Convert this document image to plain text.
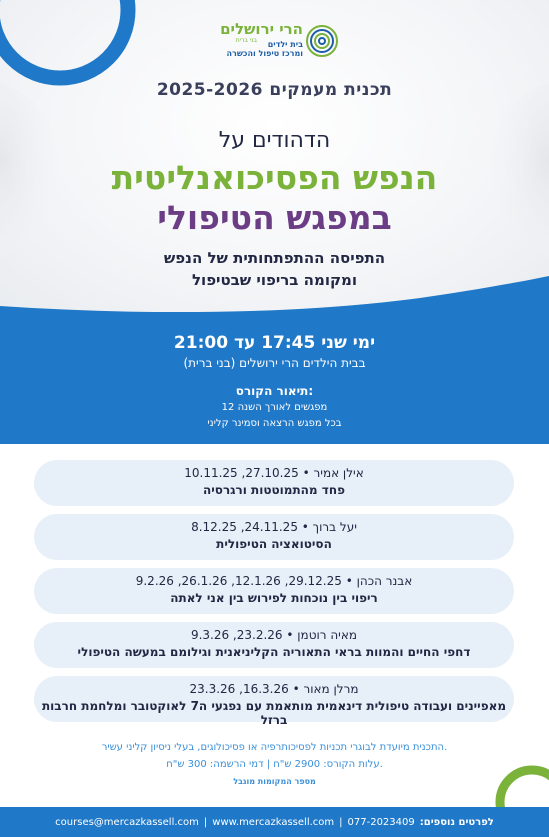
הרי ירושלים
בני ברית בית ילדים
ומרכז טיפול והכשרה
תכנית מעמקים 2025-2026
הדהודים על
הנפש הפסיכואנליטית
במפגש הטיפולי
התפיסה ההתפתחותית של הנפש
ומקומה בריפוי שבטיפול
ימי שני 17:45 עד 21:00
בבית הילדים הרי ירושלים (בני ברית)
תיאור הקורס:
12 מפגשים לאורך השנה
בכל מפגש הרצאה וסמינר קליני
אילן אמיר • 27.10.25, 10.11.25
פחד מהתמוטטות ורגרסיה
יעל ברוך • 24.11.25, 8.12.25
הסיטואציה הטיפולית
אבנר הכהן • 29.12.25, 12.1.26, 26.1.26, 9.2.26
ריפוי בין נוכחות לפירוש בין אני לאתה
מאיה רוטמן • 23.2.26, 9.3.26
דחפי החיים והמוות בראי התאוריה הקליניאנית וגילומם במעשה הטיפולי
מרלן מאור • 16.3.26, 23.3.26
מאפיינים ועבודה טיפולית דינאמית מותאמת עם נפגעי ה7 לאוקטובר ומלחמת חרבות ברזל
התכנית מיועדת לבוגרי תכניות לפסיכותרפיה או פסיכולוגים, בעלי ניסיון קליני עשיר.
עלות הקורס: 2900 ש"ח | דמי הרשמה: 300 ש"ח.
מספר המקומות מוגבל
לפרטים נוספים:
077-2023409
|
www.mercazkassell.com
|
courses@mercazkassell.com
